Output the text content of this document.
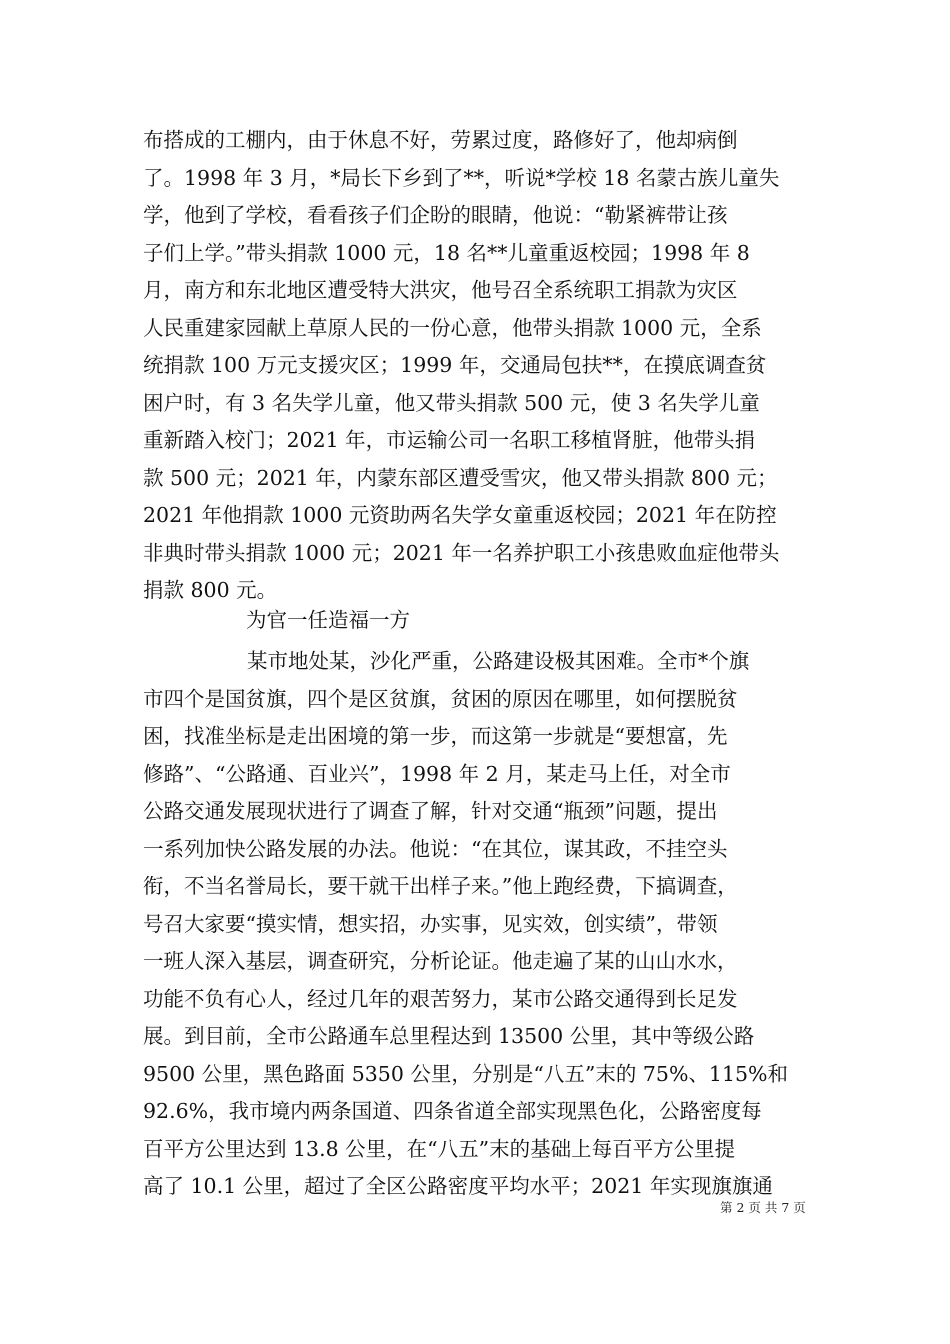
布搭成的工棚内，由于休息不好，劳累过度，路修好了，他却病倒
了。1998 年 3 月，*局长下乡到了**，听说*学校 18 名蒙古族儿童失
学，他到了学校，看看孩子们企盼的眼睛，他说：“勒紧裤带让孩
子们上学。”带头捐款 1000 元，18 名**儿童重返校园；1998 年 8
月，南方和东北地区遭受特大洪灾，他号召全系统职工捐款为灾区
人民重建家园献上草原人民的一份心意，他带头捐款 1000 元，全系
统捐款 100 万元支援灾区；1999 年，交通局包扶**，在摸底调查贫
困户时，有 3 名失学儿童，他又带头捐款 500 元，使 3 名失学儿童
重新踏入校门；2021 年，市运输公司一名职工移植肾脏，他带头捐
款 500 元；2021 年，内蒙东部区遭受雪灾，他又带头捐款 800 元；
2021 年他捐款 1000 元资助两名失学女童重返校园；2021 年在防控
非典时带头捐款 1000 元；2021 年一名养护职工小孩患败血症他带头
捐款 800 元。
为官一任造福一方
某市地处某，沙化严重，公路建设极其困难。全市*个旗
市四个是国贫旗，四个是区贫旗，贫困的原因在哪里，如何摆脱贫
困，找准坐标是走出困境的第一步，而这第一步就是“要想富，先
修路”、“公路通、百业兴”，1998 年 2 月，某走马上任，对全市
公路交通发展现状进行了调查了解，针对交通“瓶颈”问题，提出
一系列加快公路发展的办法。他说：“在其位，谋其政，不挂空头
衔，不当名誉局长，要干就干出样子来。”他上跑经费，下搞调查，
号召大家要“摸实情，想实招，办实事，见实效，创实绩”，带领
一班人深入基层，调查研究，分析论证。他走遍了某的山山水水，
功能不负有心人，经过几年的艰苦努力，某市公路交通得到长足发
展。到目前，全市公路通车总里程达到 13500 公里，其中等级公路
9500 公里，黑色路面 5350 公里，分别是“八五”末的 75%、115%和
92.6%，我市境内两条国道、四条省道全部实现黑色化，公路密度每
百平方公里达到 13.8 公里，在“八五”末的基础上每百平方公里提
高了 10.1 公里，超过了全区公路密度平均水平；2021 年实现旗旗通
第 2 页 共 7 页
